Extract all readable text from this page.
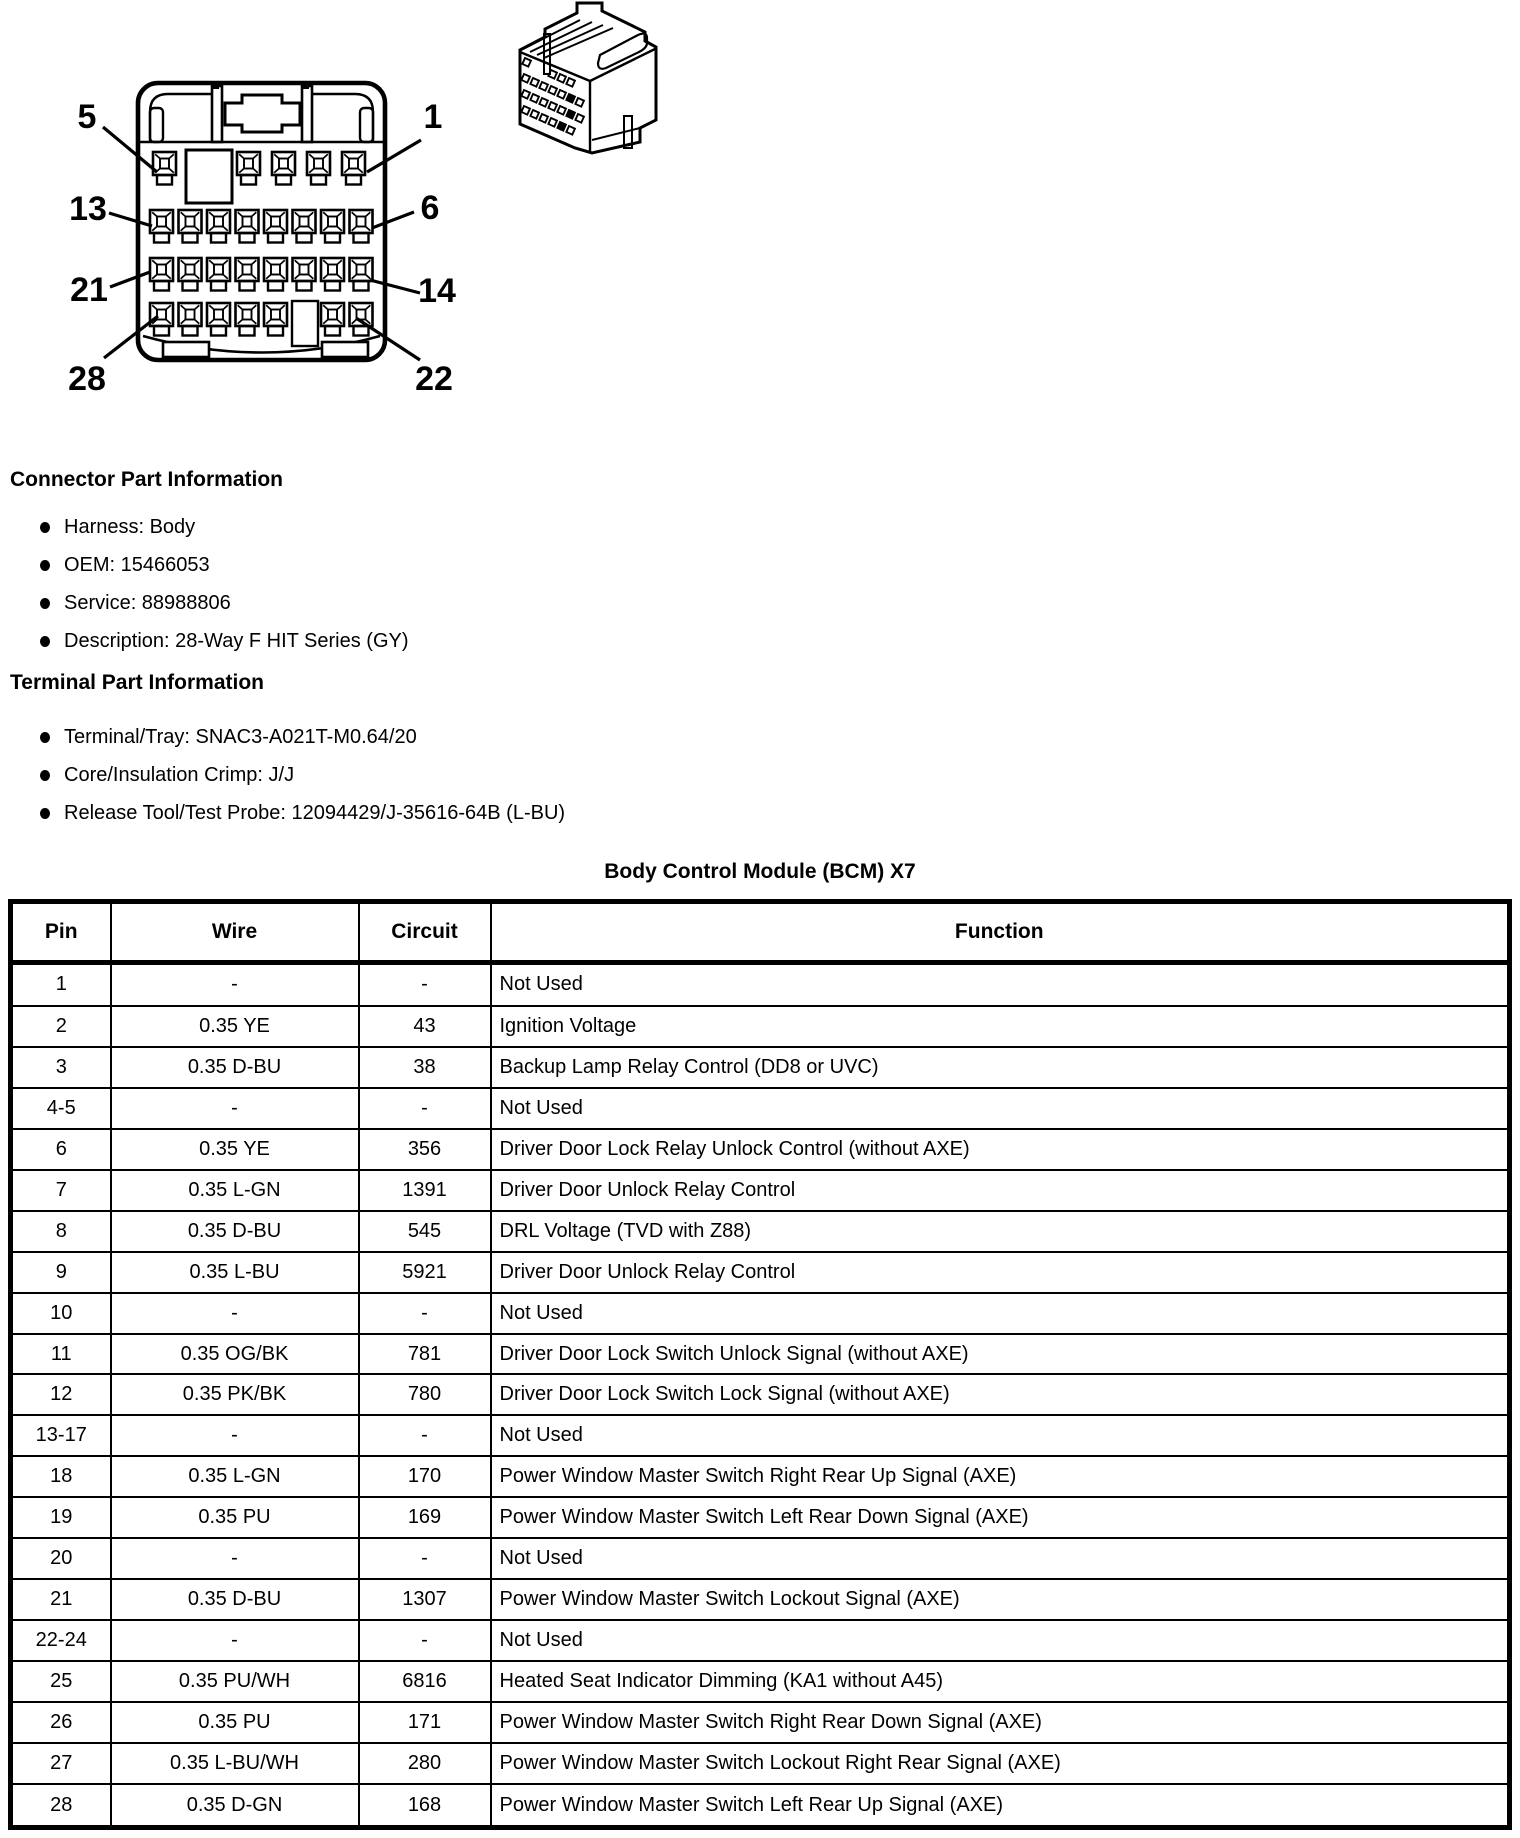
5	1
13	6
21	14
28	22
Connector Part Information
Harness: Body
OEM: 15466053
Service: 88988806
Description: 28-Way F HIT Series (GY)
Terminal Part Information
Terminal/Tray: SNAC3-A021T-M0.64/20
Core/Insulation Crimp: J/J
Release Tool/Test Probe: 12094429/J-35616-64B (L-BU)
Body Control Module (BCM) X7
Pin	Wire	Circuit	Function
1	-	-	Not Used
2	0.35 YE	43	Ignition Voltage
3	0.35 D-BU	38	Backup Lamp Relay Control (DD8 or UVC)
4-5	-	-	Not Used
6	0.35 YE	356	Driver Door Lock Relay Unlock Control (without AXE)
7	0.35 L-GN	1391	Driver Door Unlock Relay Control
8	0.35 D-BU	545	DRL Voltage (TVD with Z88)
9	0.35 L-BU	5921	Driver Door Unlock Relay Control
10	-	-	Not Used
11	0.35 OG/BK	781	Driver Door Lock Switch Unlock Signal (without AXE)
12	0.35 PK/BK	780	Driver Door Lock Switch Lock Signal (without AXE)
13-17	-	-	Not Used
18	0.35 L-GN	170	Power Window Master Switch Right Rear Up Signal (AXE)
19	0.35 PU	169	Power Window Master Switch Left Rear Down Signal (AXE)
20	-	-	Not Used
21	0.35 D-BU	1307	Power Window Master Switch Lockout Signal (AXE)
22-24	-	-	Not Used
25	0.35 PU/WH	6816	Heated Seat Indicator Dimming (KA1 without A45)
26	0.35 PU	171	Power Window Master Switch Right Rear Down Signal (AXE)
27	0.35 L-BU/WH	280	Power Window Master Switch Lockout Right Rear Signal (AXE)
28	0.35 D-GN	168	Power Window Master Switch Left Rear Up Signal (AXE)
